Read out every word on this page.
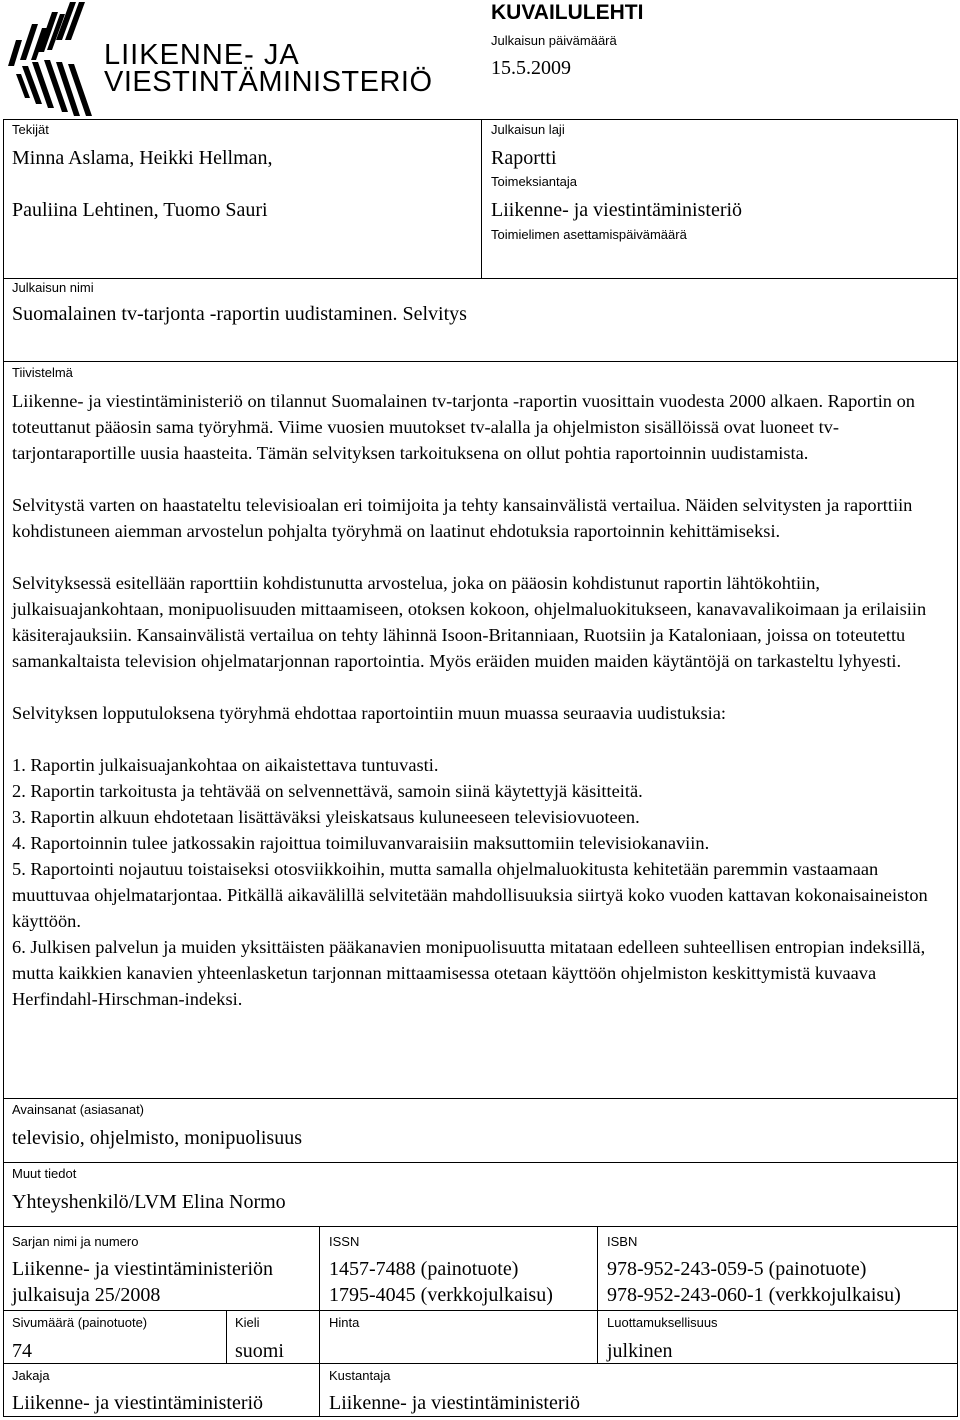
LIIKENNE- JA
VIESTINTÄMINISTERIÖ
KUVAILULEHTI
Julkaisun päivämäärä
15.5.2009
Tekijät
Minna Aslama, Heikki Hellman,
Pauliina Lehtinen, Tuomo Sauri
Julkaisun laji
Raportti
Toimeksiantaja
Liikenne- ja viestintäministeriö
Toimielimen asettamispäivämäärä
Julkaisun nimi
Suomalainen tv-tarjonta -raportin uudistaminen. Selvitys
Tiivistelmä

Liikenne- ja viestintäministeriö on tilannut Suomalainen tv-tarjonta -raportin vuosittain vuodesta 2000 alkaen. Raportin on toteuttanut pääosin sama työryhmä. Viime vuosien muutokset tv-alalla ja ohjelmiston sisällöissä ovat luoneet tv-tarjontaraportille uusia haasteita. Tämän selvityksen tarkoituksena on ollut pohtia raportoinnin uudistamista.

Selvitystä varten on haastateltu televisioalan eri toimijoita ja tehty kansainvälistä vertailua. Näiden selvitysten ja raporttiin kohdistuneen aiemman arvostelun pohjalta työryhmä on laatinut ehdotuksia raportoinnin kehittämiseksi.

Selvityksessä esitellään raporttiin kohdistunutta arvostelua, joka on pääosin kohdistunut raportin lähtökohtiin, julkaisuajankohtaan, monipuolisuuden mittaamiseen, otoksen kokoon, ohjelmaluokitukseen, kanavavalikoimaan ja erilaisiin käsiterajauksiin. Kansainvälistä vertailua on tehty lähinnä Isoon-Britanniaan, Ruotsiin ja Kataloniaan, joissa on toteutettu samankaltaista television ohjelmatarjonnan raportointia. Myös eräiden muiden maiden käytäntöjä on tarkasteltu lyhyesti.

Selvityksen lopputuloksena työryhmä ehdottaa raportointiin muun muassa seuraavia uudistuksia:

1. Raportin julkaisuajankohtaa on aikaistettava tuntuvasti.
2. Raportin tarkoitusta ja tehtävää on selvennettävä, samoin siinä käytettyjä käsitteitä.
3. Raportin alkuun ehdotetaan lisättäväksi yleiskatsaus kuluneeseen televisiovuoteen.
4. Raportoinnin tulee jatkossakin rajoittua toimiluvanvaraisiin maksuttomiin televisiokanaviin.
5. Raportointi nojautuu toistaiseksi otosviikkoihin, mutta samalla ohjelmaluokitusta kehitetään paremmin vastaamaan muuttuvaa ohjelmatarjontaa. Pitkällä aikavälillä selvitetään mahdollisuuksia siirtyä koko vuoden kattavan kokonaisaineiston käyttöön.
6. Julkisen palvelun ja muiden yksittäisten pääkanavien monipuolisuutta mitataan edelleen suhteellisen entropian indeksillä, mutta kaikkien kanavien yhteenlasketun tarjonnan mittaamisessa otetaan käyttöön ohjelmiston keskittymistä kuvaava Herfindahl-Hirschman-indeksi.
Avainsanat (asiasanat)
televisio, ohjelmisto, monipuolisuus
Muut tiedot
Yhteyshenkilö/LVM Elina Normo
Sarjan nimi ja numero
Liikenne- ja viestintäministeriön
julkaisuja 25/2008
ISSN
1457-7488 (painotuote)
1795-4045 (verkkojulkaisu)
ISBN
978-952-243-059-5 (painotuote)
978-952-243-060-1 (verkkojulkaisu)
Sivumäärä (painotuote)
74
Kieli
suomi
Hinta	Luottamuksellisuus
julkinen
Jakaja
Liikenne- ja viestintäministeriö
Kustantaja
Liikenne- ja viestintäministeriö
